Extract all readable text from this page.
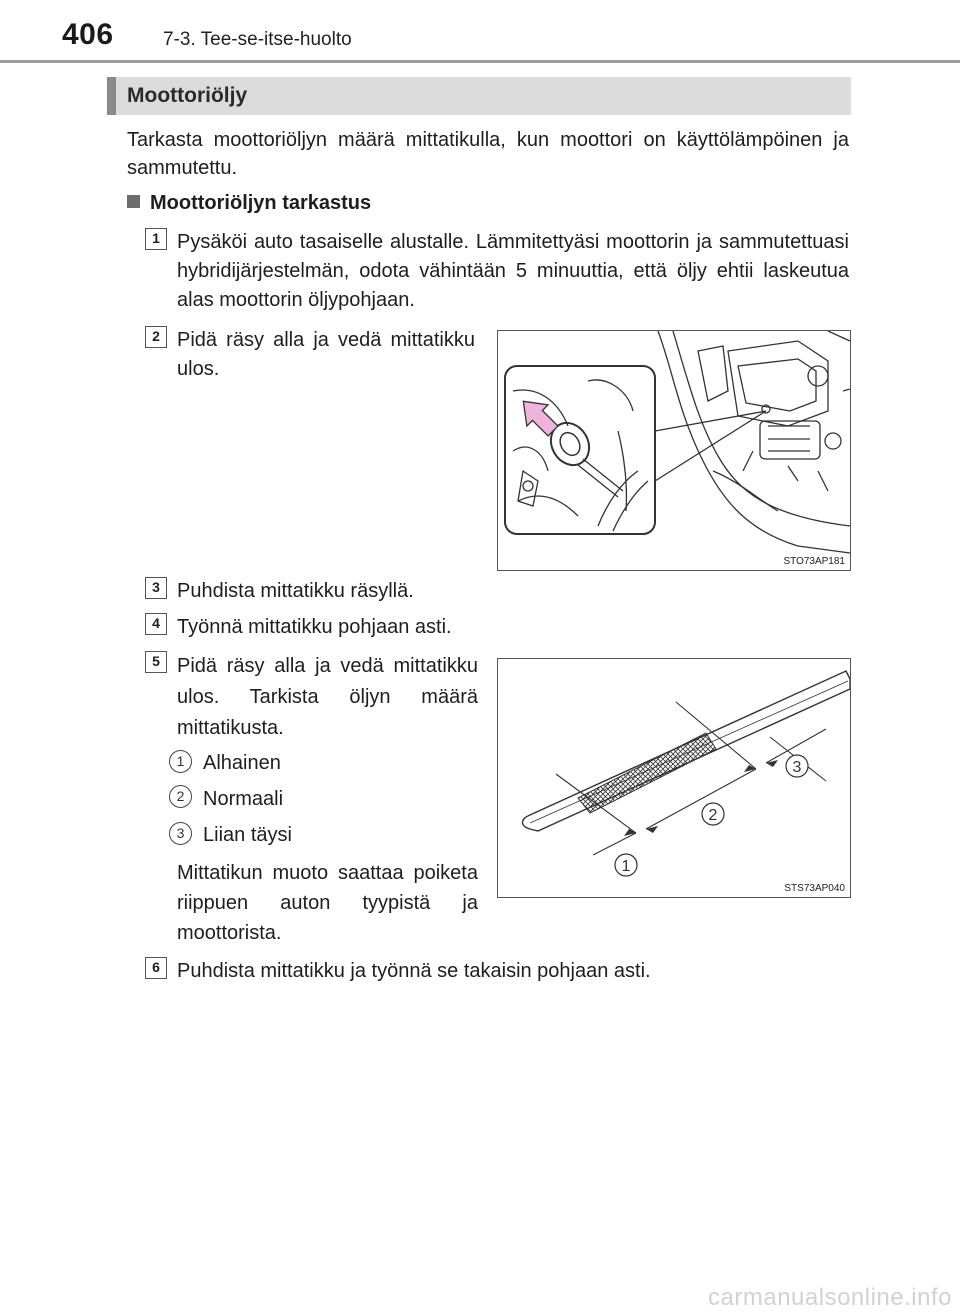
406	7-3. Tee-se-itse-huolto
Moottoriöljy
Tarkasta moottoriöljyn määrä mittatikulla, kun moottori on käyttölämpöinen ja sammutettu.
Moottoriöljyn tarkastus
1 Pysäköi auto tasaiselle alustalle. Lämmitettyäsi moottorin ja sammutettuasi hybridijärjestelmän, odota vähintään 5 minuuttia, että öljy ehtii laskeutua alas moottorin öljypohjaan.
2 Pidä räsy alla ja vedä mittatikku ulos.
STO73AP181
3 Puhdista mittatikku räsyllä.
4 Työnnä mittatikku pohjaan asti.
5 Pidä räsy alla ja vedä mittatikku ulos. Tarkista öljyn määrä mittatikusta.
1 Alhainen
2 Normaali
3 Liian täysi
Mittatikun muoto saattaa poiketa riippuen auton tyypistä ja moottorista.
1
2
3
STS73AP040
6 Puhdista mittatikku ja työnnä se takaisin pohjaan asti.
carmanualsonline.info
